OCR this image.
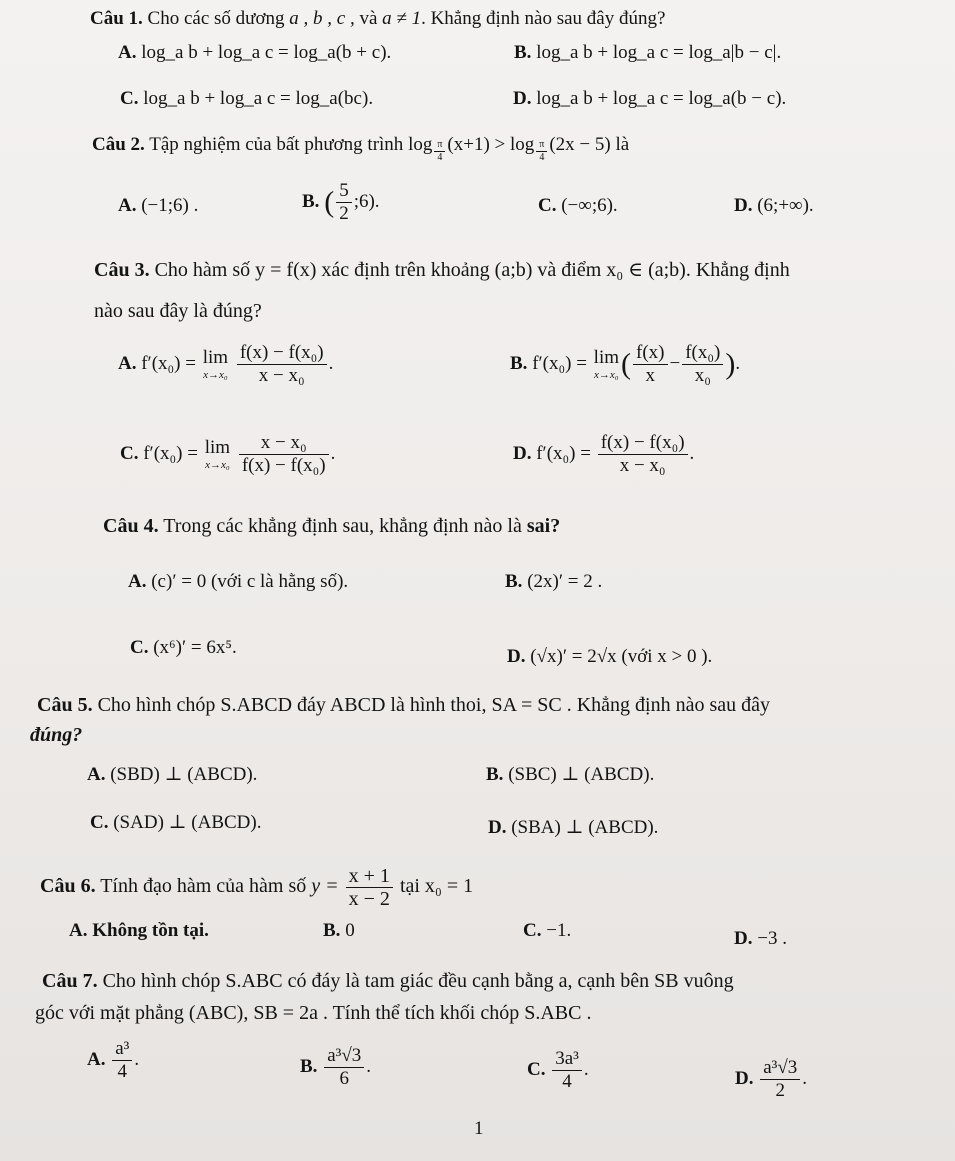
Câu 1. Cho các số dương a , b , c , và a ≠ 1. Khẳng định nào sau đây đúng?
A. log_a b + log_a c = log_a(b + c).	B. log_a b + log_a c = log_a|b − c|.
C. log_a b + log_a c = log_a(bc).	D. log_a b + log_a c = log_a(b − c).
Câu 2. Tập nghiệm của bất phương trình $\log \frac{\pi}{4} (x+1) > \log \frac{\pi}{4} (2x - 5)$ là
A. (−1;6) .	B. ( $\frac{5}{2}$ ;6).	C. (−∞;6).	D. (6;+∞).
Câu 3. Cho hàm số y = f(x) xác định trên khoảng (a;b) và điểm x₀ ∈ (a;b). Khẳng định
nào sau đây là đúng?
A. f′(x₀) = lim
x→x₀
$\frac{\text{f(x) − f(x₀)}}{\text{x − x₀}}$ .	B. f′(x₀) = lim
x→x₀ ( $\frac{f(x)}{x} - \frac{\text{f(x₀)}}{\text{x₀}}$ ).
C. f′(x₀) = lim
x→x₀
$\frac{\text{x − x₀}}{\text{f(x) − f(x₀)}}$ .	D. $f'(x_0) = \frac{\text{f(x) − f(x₀)}}{\text{x − x₀}}$ .
Câu 4. Trong các khẳng định sau, khẳng định nào là sai?
A. (c)′ = 0 (với c là hằng số).	B. (2x)′ = 2 .
C. (x⁶)′ = 6x⁵.	D. (√x)′ = 2√x (với x > 0 ).
Câu 5. Cho hình chóp S.ABCD đáy ABCD là hình thoi, SA = SC . Khẳng định nào sau đây
đúng?
A. (SBD) ⊥ (ABCD).	B. (SBC) ⊥ (ABCD).
C. (SAD) ⊥ (ABCD).	D. (SBA) ⊥ (ABCD).
Câu 6. Tính đạo hàm của hàm số $y = \frac{x + 1}{x - 2}$ tại x₀ = 1
A. Không tồn tại.	B. 0	C. −1.	D. −3 .
Câu 7. Cho hình chóp S.ABC có đáy là tam giác đều cạnh bằng a, cạnh bên SB vuông
góc với mặt phẳng (ABC), SB = 2a . Tính thể tích khối chóp S.ABC .
A. $\frac{\text{a³}}{4}$ .	B. $\frac{\text{a³√3}}{6}$ .	C. $\frac{\text{3a³}}{4}$ .	D. $\frac{\text{a³√3}}{2}$ .
1
